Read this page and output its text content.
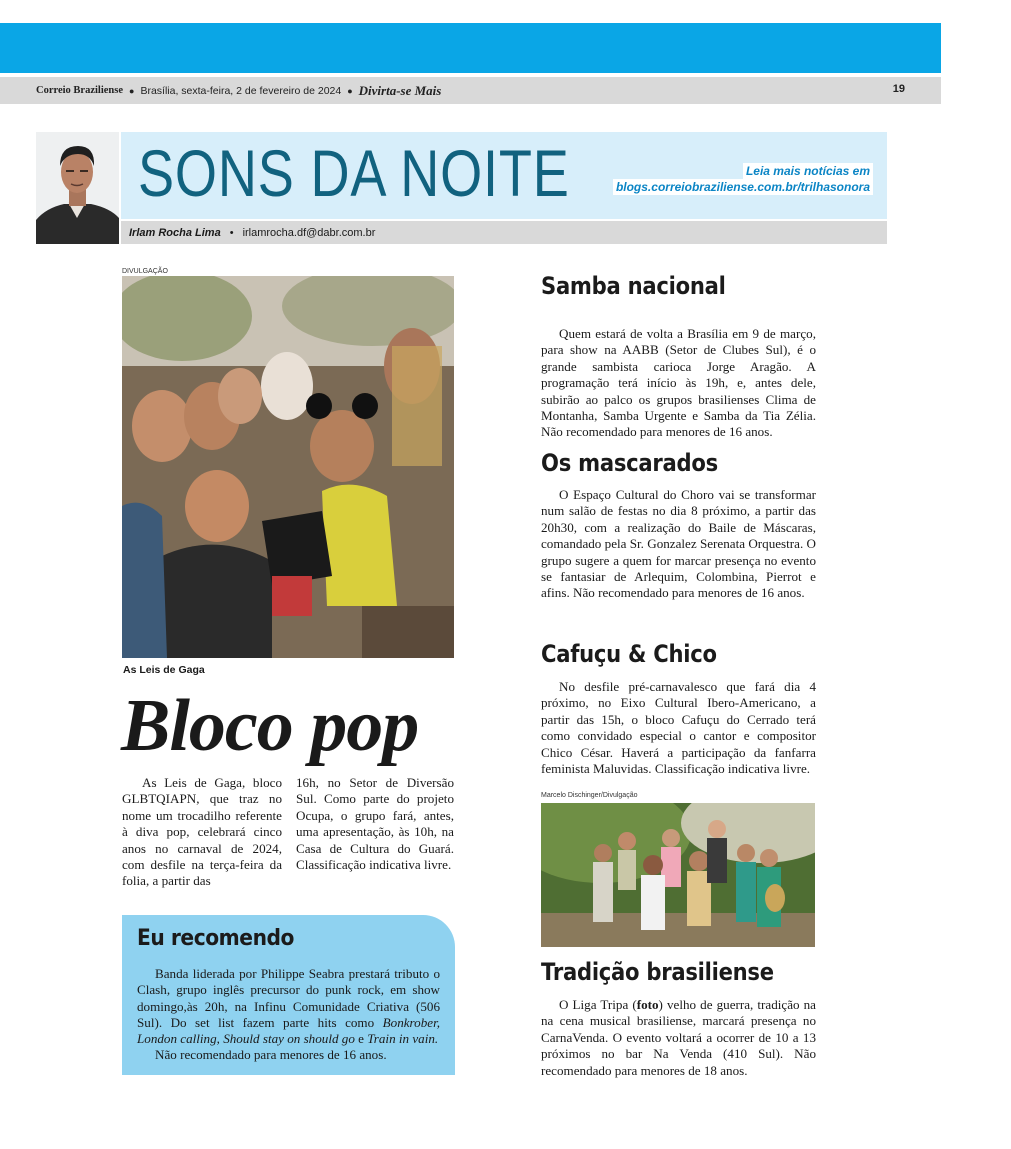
Correio Braziliense ● Brasília, sexta-feira, 2 de fevereiro de 2024 ● Divirta-se Mais	19
SONS DA NOITE	Leia mais notícias em
blogs.correiobraziliense.com.br/trilhasonora
Irlam Rocha Lima • irlamrocha.df@dabr.com.br
DIVULGAÇÃO
As Leis de Gaga
Bloco pop
As Leis de Gaga, bloco GLBTQIAPN, que traz no nome um trocadilho referente à diva pop, celebrará cinco anos no carnaval de 2024, com desfile na terça-feira da folia, a partir das
16h, no Setor de Diversão Sul. Como parte do projeto Ocupa, o grupo fará, antes, uma apresentação, às 10h, na Casa de Cultura do Guará. Classificação indicativa livre.
Eu recomendo

Banda liderada por Philippe Seabra prestará tributo o Clash, grupo inglês precursor do punk rock, em show domingo,às 20h, na Infinu Comunidade Criativa (506 Sul). Do set list fazem parte hits como Bonkrober, London calling, Should stay on should go e Train in vain.

Não recomendado para menores de 16 anos.

Samba nacional
Quem estará de volta a Brasília em 9 de março, para show na AABB (Setor de Clubes Sul), é o grande sambista carioca Jorge Aragão. A programação terá início às 19h, e, antes dele, subirão ao palco os grupos brasilienses Clima de Montanha, Samba Urgente e Samba da Tia Zélia. Não recomendado para menores de 16 anos.
Os mascarados
O Espaço Cultural do Choro vai se transformar num salão de festas no dia 8 próximo, a partir das 20h30, com a realização do Baile de Máscaras, comandado pela Sr. Gonzalez Serenata Orquestra. O grupo sugere a quem for marcar presença no evento se fantasiar de Arlequim, Colombina, Pierrot e afins. Não recomendado para menores de 16 anos.
Cafuçu & Chico
No desfile pré-carnavalesco que fará dia 4 próximo, no Eixo Cultural Ibero-Americano, a partir das 15h, o bloco Cafuçu do Cerrado terá como convidado especial o cantor e compositor Chico César. Haverá a participação da fanfarra feminista Maluvidas. Classificação indicativa livre.
Marcelo Dischinger/Divulgação
Tradição brasiliense
O Liga Tripa (foto) velho de guerra, tradição na na cena musical brasiliense, marcará presença no CarnaVenda. O evento voltará a ocorrer de 10 a 13 próximos no bar Na Venda (410 Sul). Não recomendado para menores de 18 anos.
